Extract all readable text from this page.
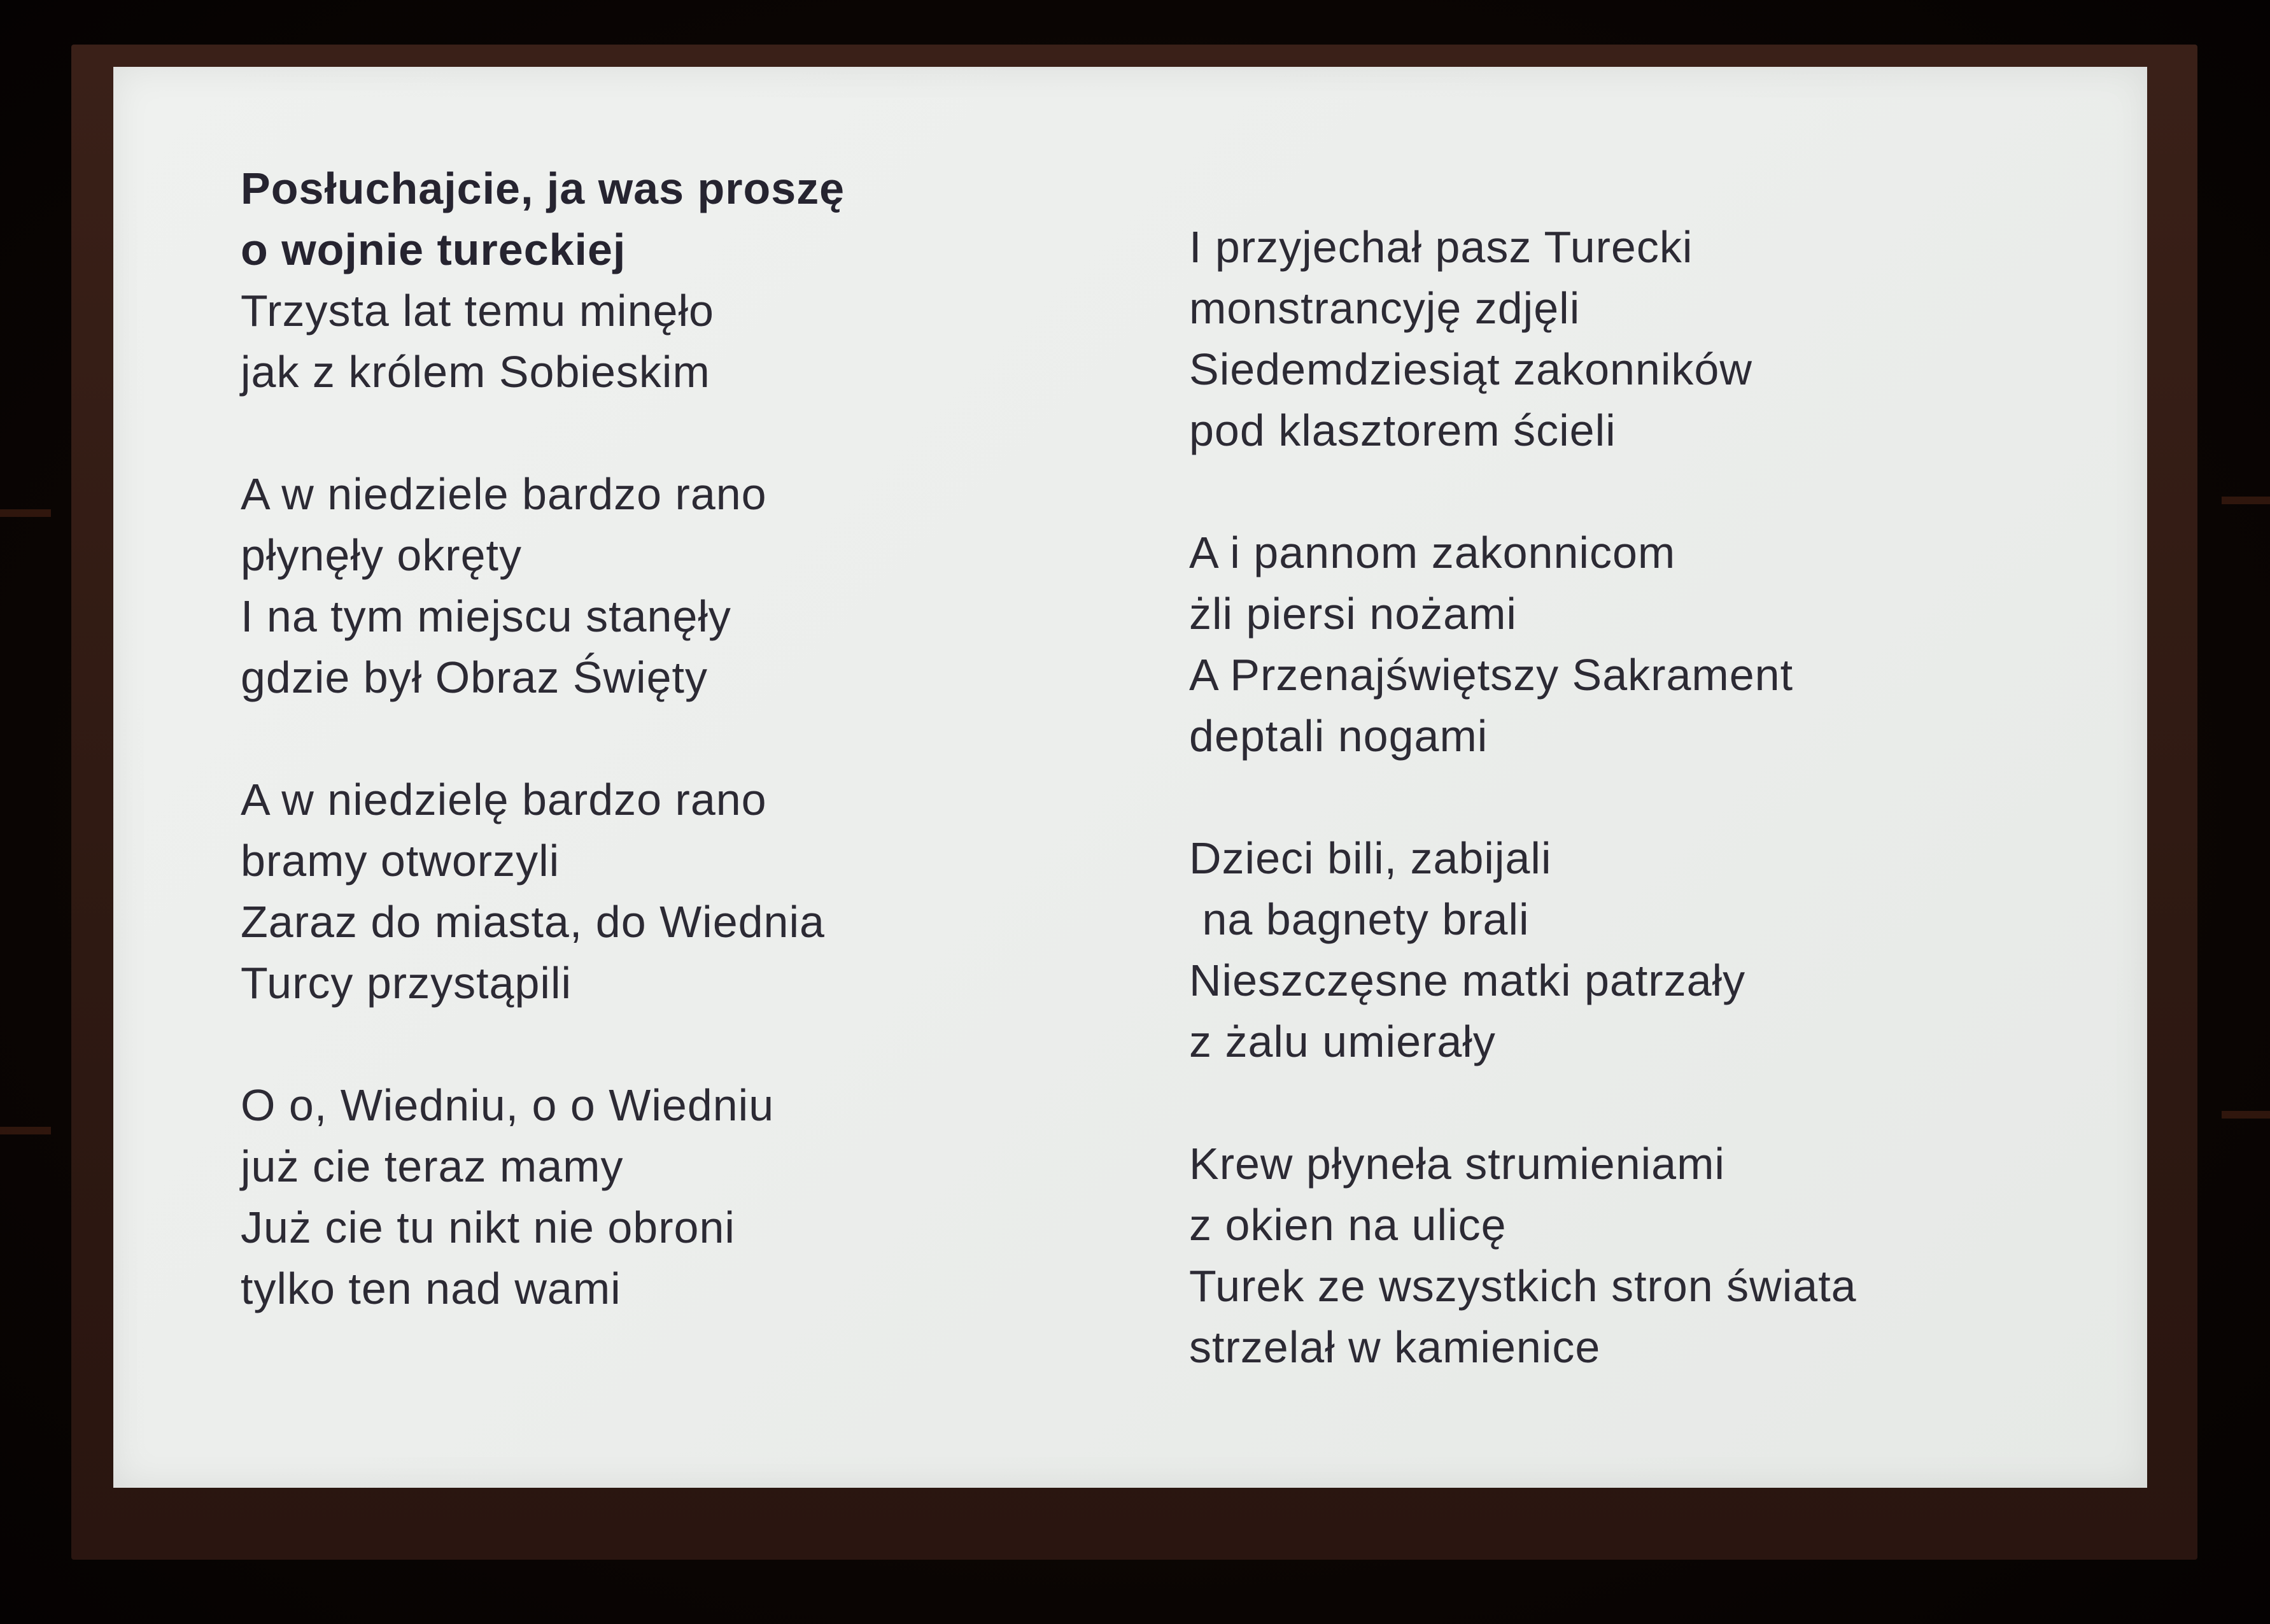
Posłuchajcie, ja was proszę
o wojnie tureckiej
Trzysta lat temu minęło
jak z królem Sobieskim
A w niedziele bardzo rano
płynęły okręty
I na tym miejscu stanęły
gdzie był Obraz Święty
A w niedzielę bardzo rano
bramy otworzyli
Zaraz do miasta, do Wiednia
Turcy przystąpili
O o, Wiedniu, o o Wiedniu
już cie teraz mamy
Już cie tu nikt nie obroni
tylko ten nad wami
I przyjechał pasz Turecki
monstrancyję zdjęli
Siedemdziesiąt zakonników
pod klasztorem ścieli
A i pannom zakonnicom
żli piersi nożami
A Przenajświętszy Sakrament
deptali nogami
Dzieci bili, zabijali
na bagnety brali
Nieszczęsne matki patrzały
z żalu umierały
Krew płyneła strumieniami
z okien na ulicę
Turek ze wszystkich stron świata
strzelał w kamienice
